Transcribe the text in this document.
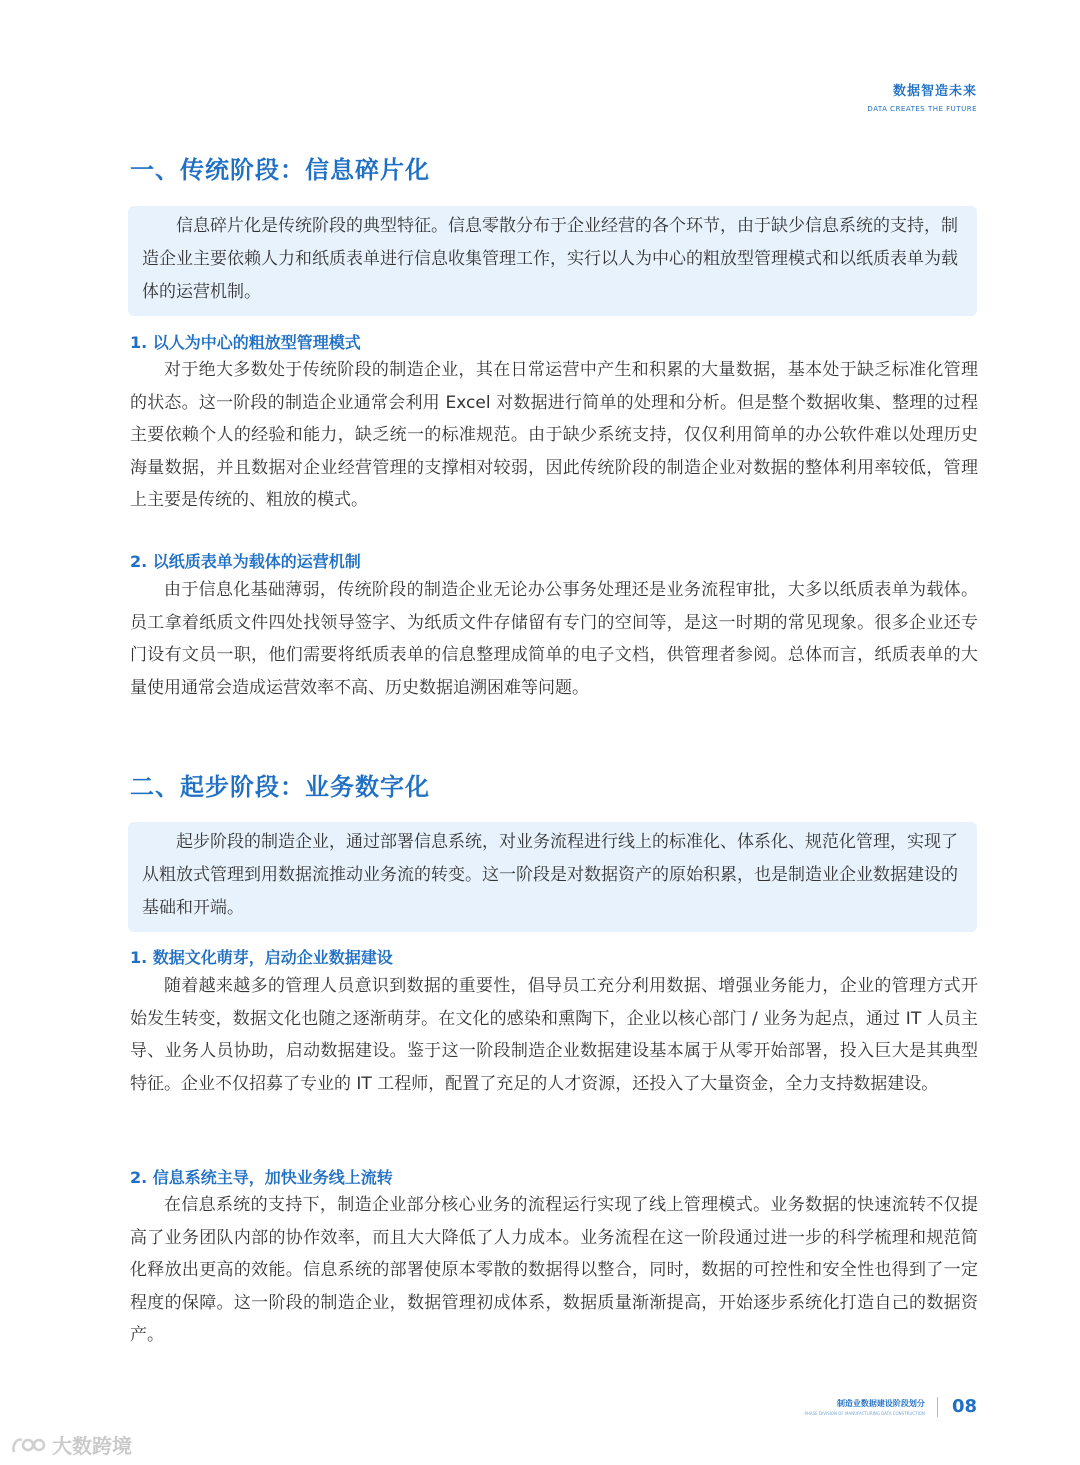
数据智造未来
DATA CREATES THE FUTURE
一、传统阶段：信息碎片化

信息碎片化是传统阶段的典型特征。信息零散分布于企业经营的各个环节，由于缺少信息系统的支持，制造企业主要依赖人力和纸质表单进行信息收集管理工作，实行以人为中心的粗放型管理模式和以纸质表单为载体的运营机制。

1. 以人为中心的粗放型管理模式

对于绝大多数处于传统阶段的制造企业，其在日常运营中产生和积累的大量数据，基本处于缺乏标准化管理的状态。这一阶段的制造企业通常会利用 Excel 对数据进行简单的处理和分析。但是整个数据收集、整理的过程主要依赖个人的经验和能力，缺乏统一的标准规范。由于缺少系统支持，仅仅利用简单的办公软件难以处理历史海量数据，并且数据对企业经营管理的支撑相对较弱，因此传统阶段的制造企业对数据的整体利用率较低，管理上主要是传统的、粗放的模式。

2. 以纸质表单为载体的运营机制

由于信息化基础薄弱，传统阶段的制造企业无论办公事务处理还是业务流程审批，大多以纸质表单为载体。员工拿着纸质文件四处找领导签字、为纸质文件存储留有专门的空间等，是这一时期的常见现象。很多企业还专门设有文员一职，他们需要将纸质表单的信息整理成简单的电子文档，供管理者参阅。总体而言，纸质表单的大量使用通常会造成运营效率不高、历史数据追溯困难等问题。

二、起步阶段：业务数字化

起步阶段的制造企业，通过部署信息系统，对业务流程进行线上的标准化、体系化、规范化管理，实现了从粗放式管理到用数据流推动业务流的转变。这一阶段是对数据资产的原始积累，也是制造业企业数据建设的基础和开端。

1. 数据文化萌芽，启动企业数据建设

随着越来越多的管理人员意识到数据的重要性，倡导员工充分利用数据、增强业务能力，企业的管理方式开始发生转变，数据文化也随之逐渐萌芽。在文化的感染和熏陶下，企业以核心部门 / 业务为起点，通过 IT 人员主导、业务人员协助，启动数据建设。鉴于这一阶段制造企业数据建设基本属于从零开始部署，投入巨大是其典型特征。企业不仅招募了专业的 IT 工程师，配置了充足的人才资源，还投入了大量资金，全力支持数据建设。

2. 信息系统主导，加快业务线上流转

在信息系统的支持下，制造企业部分核心业务的流程运行实现了线上管理模式。业务数据的快速流转不仅提高了业务团队内部的协作效率，而且大大降低了人力成本。业务流程在这一阶段通过进一步的科学梳理和规范简化释放出更高的效能。信息系统的部署使原本零散的数据得以整合，同时，数据的可控性和安全性也得到了一定程度的保障。这一阶段的制造企业，数据管理初成体系，数据质量渐渐提高，开始逐步系统化打造自己的数据资产。

制造业数据建设阶段划分
PHASE DIVISION OF MANUFACTURING DATA CONSTRUCTION 08
大数跨境
